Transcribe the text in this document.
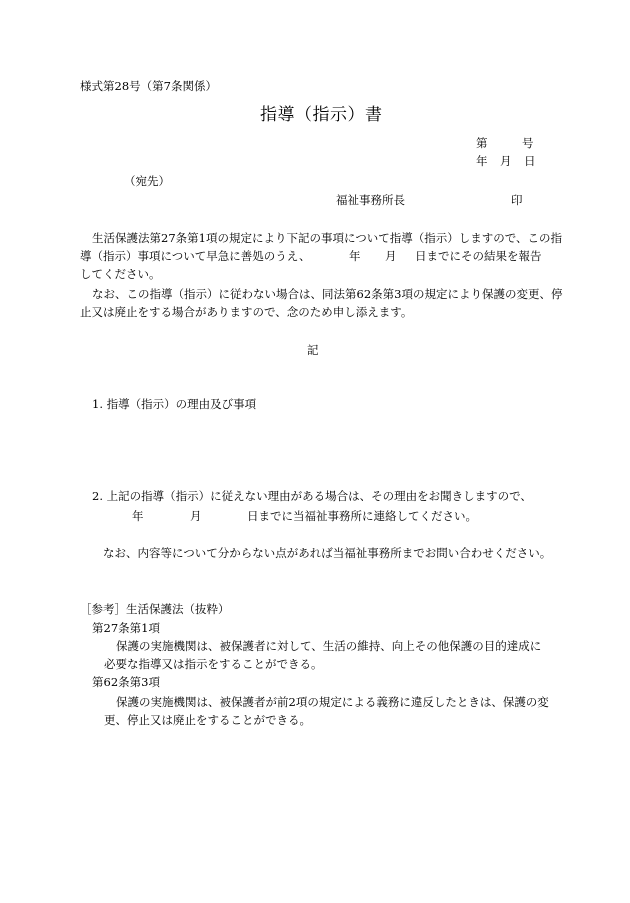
様式第28号（第7条関係）
指導（指示）書
第	号
年 月 日
（宛先）
福祉事務所長	印
生活保護法第27条第1項の規定により下記の事項について指導（指示）しますので、この指
導（指示）事項について早急に善処のうえ、	年 月 日までにその結果を報告
してください。
なお、この指導（指示）に従わない場合は、同法第62条第3項の規定により保護の変更、停
止又は廃止をする場合がありますので、念のため申し添えます。
記
1. 指導（指示）の理由及び事項
2. 上記の指導（指示）に従えない理由がある場合は、その理由をお聞きしますので、
年	月	日までに当福祉事務所に連絡してください。
なお、内容等について分からない点があれば当福祉事務所までお問い合わせください。
［参考］生活保護法（抜粋）
第27条第1項
保護の実施機関は、被保護者に対して、生活の維持、向上その他保護の目的達成に
必要な指導又は指示をすることができる。
第62条第3項
保護の実施機関は、被保護者が前2項の規定による義務に違反したときは、保護の変
更、停止又は廃止をすることができる。
